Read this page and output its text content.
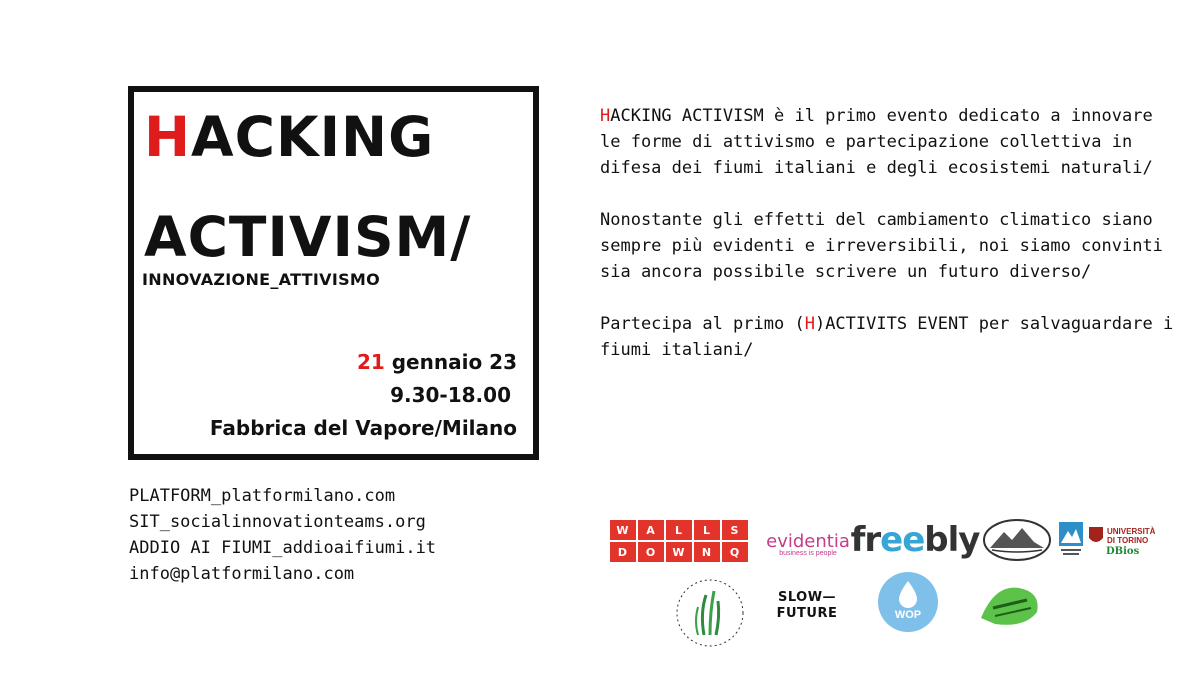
HACKING
ACTIVISM/
INNOVAZIONE_ATTIVISMO
21 gennaio 23
9.30-18.00
Fabbrica del Vapore/Milano
PLATFORM_platformilano.com
SIT_socialinnovationteams.org
ADDIO AI FIUMI_addioaifiumi.it
info@platformilano.com

HACKING ACTIVISM è il primo evento dedicato a innovare le forme di attivismo e partecipazione collettiva in difesa dei fiumi italiani e degli ecosistemi naturali/

Nonostante gli effetti del cambiamento climatico siano sempre più evidenti e irreversibili, noi siamo convinti sia ancora possibile scrivere un futuro diverso/

Partecipa al primo (H)ACTIVITS EVENT per salvaguardare i fiumi italiani/

W	A	L	L	S
D	O	W	N	Q	evidentia
business is people fr ee bly	UNIVERSITÀ
DI TORINO
DBios
SLOW—
FUTURE	WOP
